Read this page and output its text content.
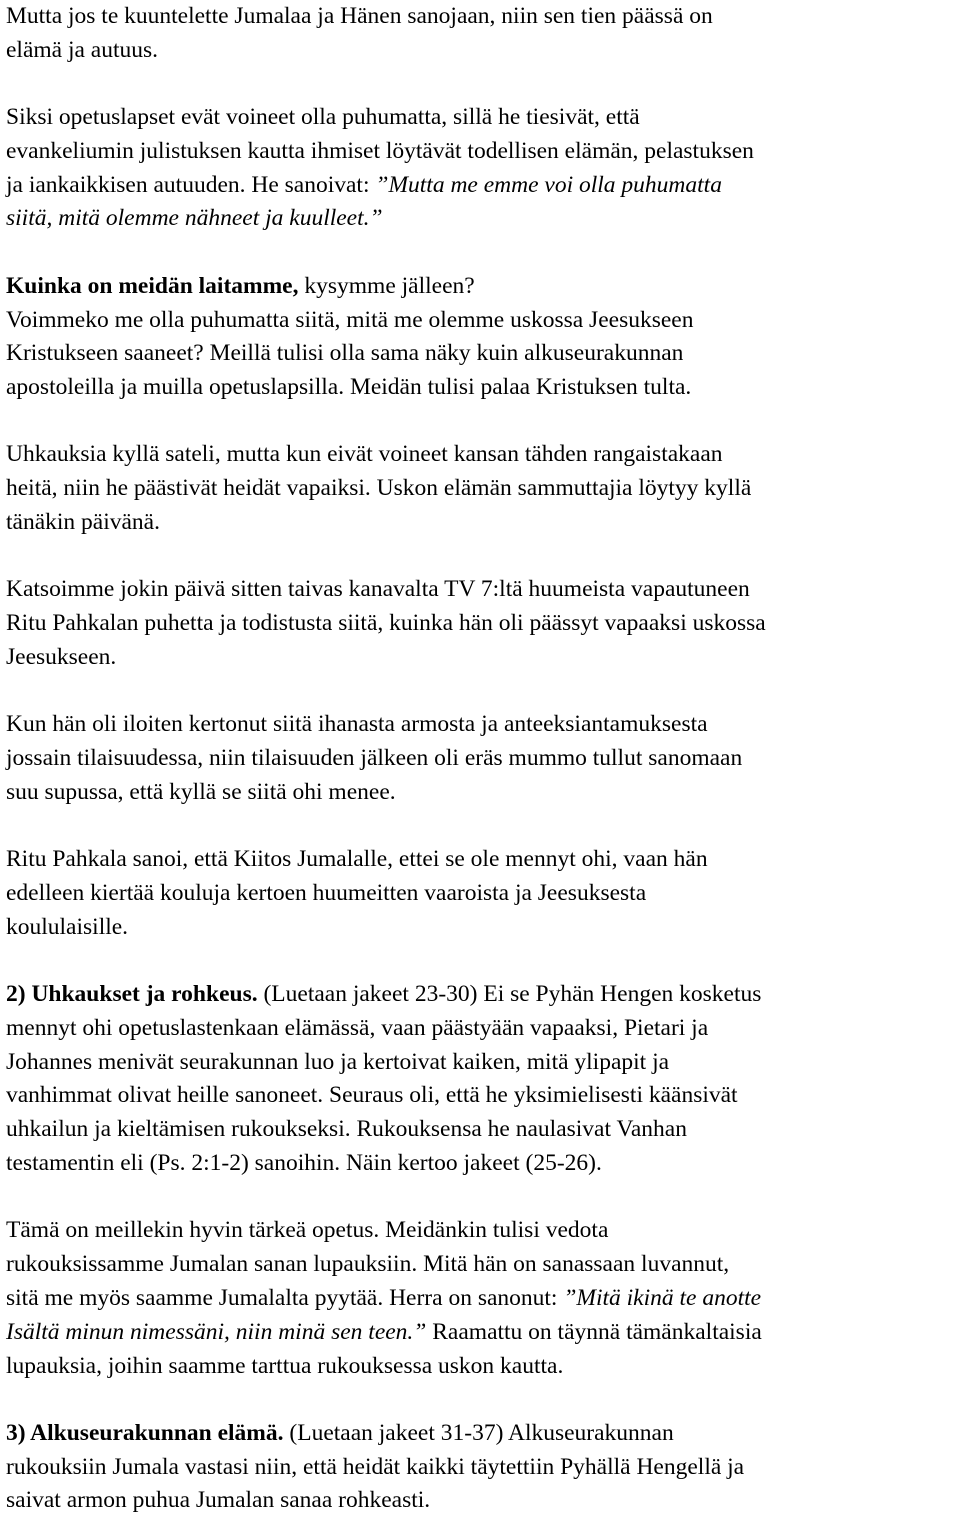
Mutta jos te kuuntelette Jumalaa ja Hänen sanojaan, niin sen tien päässä on
elämä ja autuus.
Siksi opetuslapset evät voineet olla puhumatta, sillä he tiesivät, että
evankeliumin julistuksen kautta ihmiset löytävät todellisen elämän, pelastuksen
ja iankaikkisen autuuden. He sanoivat: ”Mutta me emme voi olla puhumatta
siitä, mitä olemme nähneet ja kuulleet.”
Kuinka on meidän laitamme, kysymme jälleen?
Voimmeko me olla puhumatta siitä, mitä me olemme uskossa Jeesukseen
Kristukseen saaneet? Meillä tulisi olla sama näky kuin alkuseurakunnan
apostoleilla ja muilla opetuslapsilla. Meidän tulisi palaa Kristuksen tulta.
Uhkauksia kyllä sateli, mutta kun eivät voineet kansan tähden rangaistakaan
heitä, niin he päästivät heidät vapaiksi. Uskon elämän sammuttajia löytyy kyllä
tänäkin päivänä.
Katsoimme jokin päivä sitten taivas kanavalta TV 7:ltä huumeista vapautuneen
Ritu Pahkalan puhetta ja todistusta siitä, kuinka hän oli päässyt vapaaksi uskossa
Jeesukseen.
Kun hän oli iloiten kertonut siitä ihanasta armosta ja anteeksiantamuksesta
jossain tilaisuudessa, niin tilaisuuden jälkeen oli eräs mummo tullut sanomaan
suu supussa, että kyllä se siitä ohi menee.
Ritu Pahkala sanoi, että Kiitos Jumalalle, ettei se ole mennyt ohi, vaan hän
edelleen kiertää kouluja kertoen huumeitten vaaroista ja Jeesuksesta
koululaisille.
2) Uhkaukset ja rohkeus. (Luetaan jakeet 23-30) Ei se Pyhän Hengen kosketus
mennyt ohi opetuslastenkaan elämässä, vaan päästyään vapaaksi, Pietari ja
Johannes menivät seurakunnan luo ja kertoivat kaiken, mitä ylipapit ja
vanhimmat olivat heille sanoneet. Seuraus oli, että he yksimielisesti käänsivät
uhkailun ja kieltämisen rukoukseksi. Rukouksensa he naulasivat Vanhan
testamentin eli (Ps. 2:1-2) sanoihin. Näin kertoo jakeet (25-26).
Tämä on meillekin hyvin tärkeä opetus. Meidänkin tulisi vedota
rukouksissamme Jumalan sanan lupauksiin. Mitä hän on sanassaan luvannut,
sitä me myös saamme Jumalalta pyytää. Herra on sanonut: ”Mitä ikinä te anotte
Isältä minun nimessäni, niin minä sen teen.” Raamattu on täynnä tämänkaltaisia
lupauksia, joihin saamme tarttua rukouksessa uskon kautta.
3) Alkuseurakunnan elämä. (Luetaan jakeet 31-37) Alkuseurakunnan
rukouksiin Jumala vastasi niin, että heidät kaikki täytettiin Pyhällä Hengellä ja
saivat armon puhua Jumalan sanaa rohkeasti.
